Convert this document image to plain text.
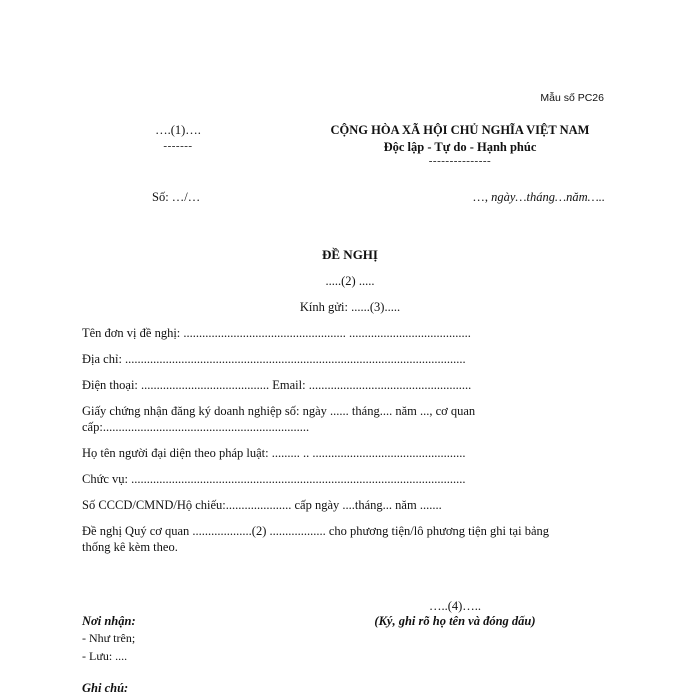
Mẫu số PC26
….(1)….
-------
CỘNG HÒA XÃ HỘI CHỦ NGHĨA VIỆT NAM
Độc lập - Tự do - Hạnh phúc
---------------
Số: …/…	…, ngày…tháng…năm…..
ĐỀ NGHỊ
.....(2) .....
Kính gửi: ......(3).....
Tên đơn vị đề nghị: .................................................... .......................................
Địa chỉ: .............................................................................................................
Điện thoại: ......................................... Email: ....................................................
Giấy chứng nhận đăng ký doanh nghiệp số: ngày ...... tháng.... năm ..., cơ quan
cấp:..................................................................
Họ tên người đại diện theo pháp luật: ......... .. .................................................
Chức vụ: ...........................................................................................................
Số CCCD/CMND/Hộ chiếu:..................... cấp ngày ....tháng... năm .......
Đề nghị Quý cơ quan ...................(2) .................. cho phương tiện/lô phương tiện ghi tại bảng
thống kê kèm theo.
…..(4)…..
(Ký, ghi rõ họ tên và đóng dấu)
Nơi nhận:
- Như trên;
- Lưu: ....
Ghi chú:
